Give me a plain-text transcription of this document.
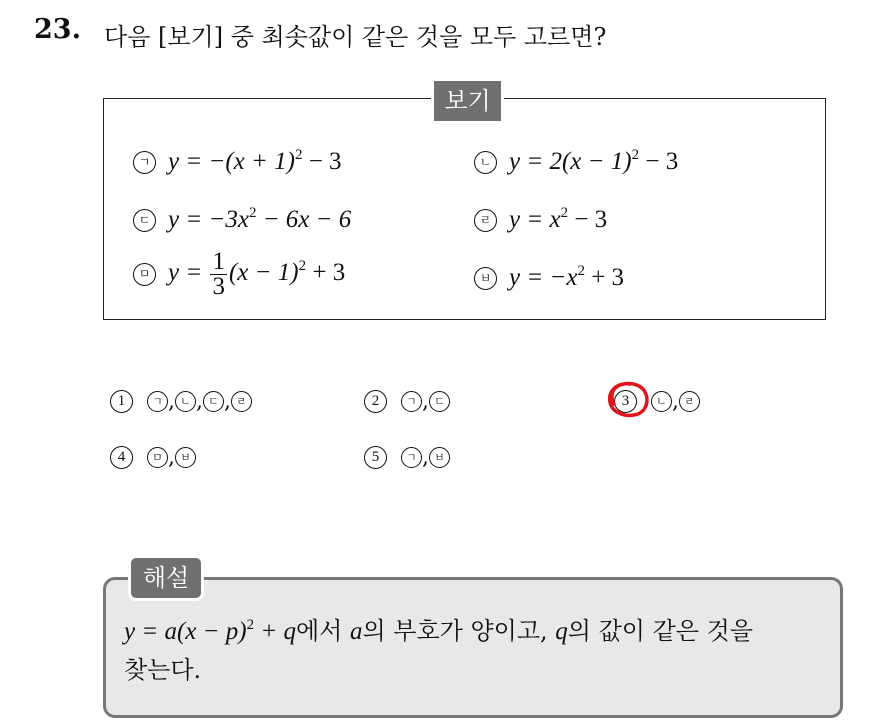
23. 다음 [보기] 중 최솟값이 같은 것을 모두 고르면?
보기
ㄱ $y = -(x + 1)^2 - 3$	ㄴ $y = 2(x - 1)^2 - 3$
ㄷ $y = -3x^2 - 6x - 6$	ㄹ $y = x^2 - 3$
ㅁ $y = \frac{1}{3} (x - 1)^2 + 3$	ㅂ $y = -x^2 + 3$
1	ㄱ , ㄴ , ㄷ , ㄹ	2	ㄱ , ㄷ	3	ㄴ , ㄹ
4	ㅁ , ㅂ	5	ㄱ , ㅂ
해설
$y = a(x - p)^2 + q$에서 a의 부호가 양이고, q의 값이 같은 것을
찾는다.
